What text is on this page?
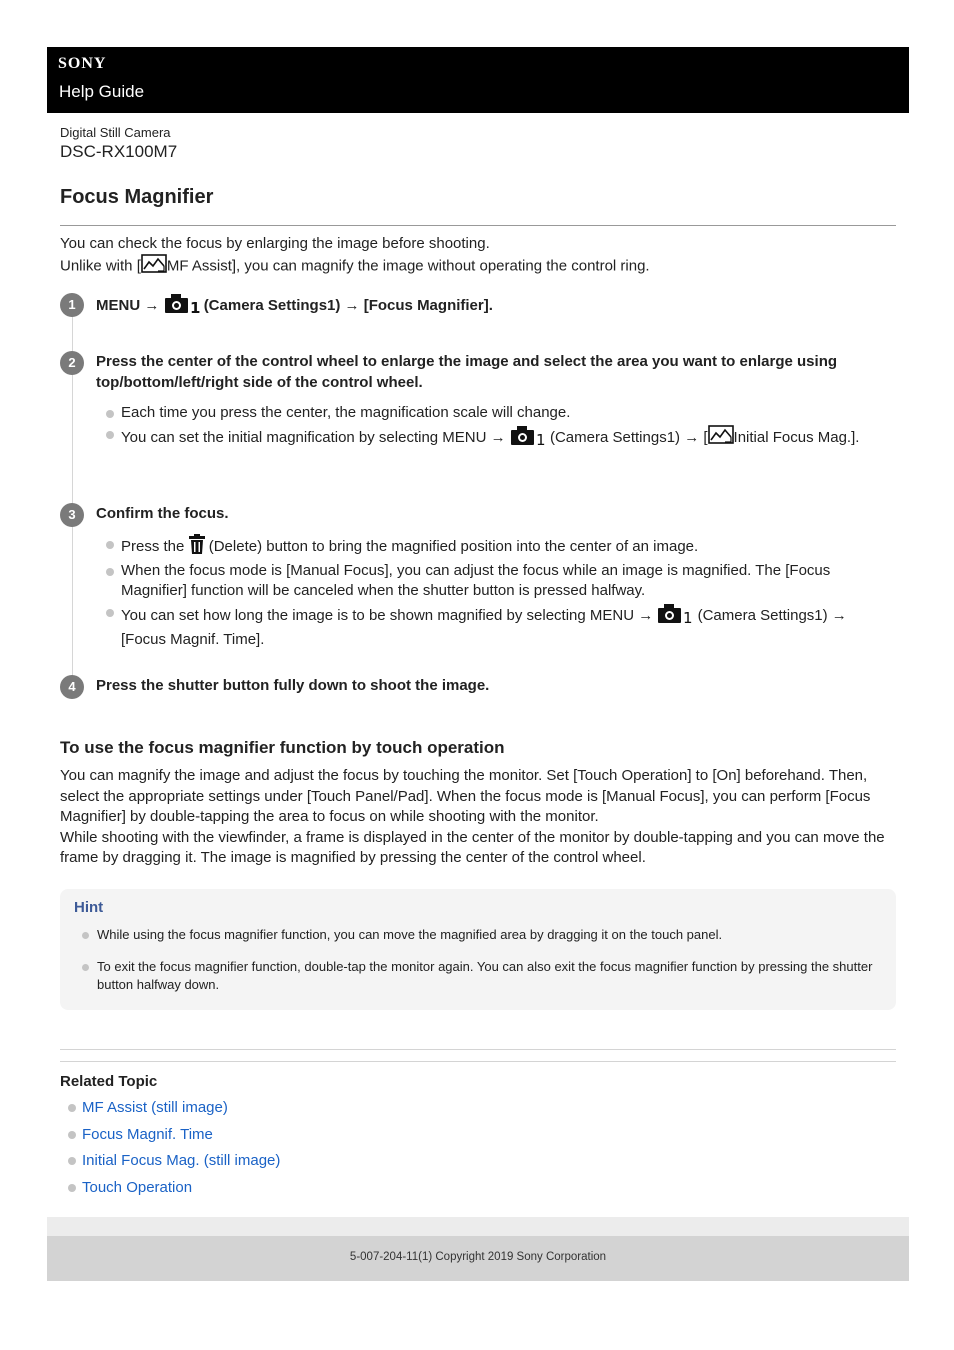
SONY
Help Guide
Digital Still Camera
DSC-RX100M7
Focus Magnifier

You can check the focus by enlarging the image before shooting.
Unlike with [ MF Assist], you can magnify the image without operating the control ring.

1	MENU → 1 (Camera Settings1) → [Focus Magnifier].

2	Press the center of the control wheel to enlarge the image and select the area you want to enlarge using top/bottom/left/right side of the control wheel.

Each time you press the center, the magnification scale will change.
You can set the initial magnification by selecting MENU → 1 (Camera Settings1) → [ Initial Focus Mag.].
3	Confirm the focus.

Press the (Delete) button to bring the magnified position into the center of an image.
When the focus mode is [Manual Focus], you can adjust the focus while an image is magnified. The [Focus Magnifier] function will be canceled when the shutter button is pressed halfway.
You can set how long the image is to be shown magnified by selecting MENU → 1 (Camera Settings1) → [Focus Magnif. Time].
4	Press the shutter button fully down to shoot the image.

To use the focus magnifier function by touch operation

You can magnify the image and adjust the focus by touching the monitor. Set [Touch Operation] to [On] beforehand. Then, select the appropriate settings under [Touch Panel/Pad]. When the focus mode is [Manual Focus], you can perform [Focus Magnifier] by double-tapping the area to focus on while shooting with the monitor.
While shooting with the viewfinder, a frame is displayed in the center of the monitor by double-tapping and you can move the frame by dragging it. The image is magnified by pressing the center of the control wheel.

Hint
While using the focus magnifier function, you can move the magnified area by dragging it on the touch panel.
To exit the focus magnifier function, double-tap the monitor again. You can also exit the focus magnifier function by pressing the shutter button halfway down.
Related Topic
MF Assist (still image)
Focus Magnif. Time
Initial Focus Mag. (still image)
Touch Operation
5-007-204-11(1) Copyright 2019 Sony Corporation
